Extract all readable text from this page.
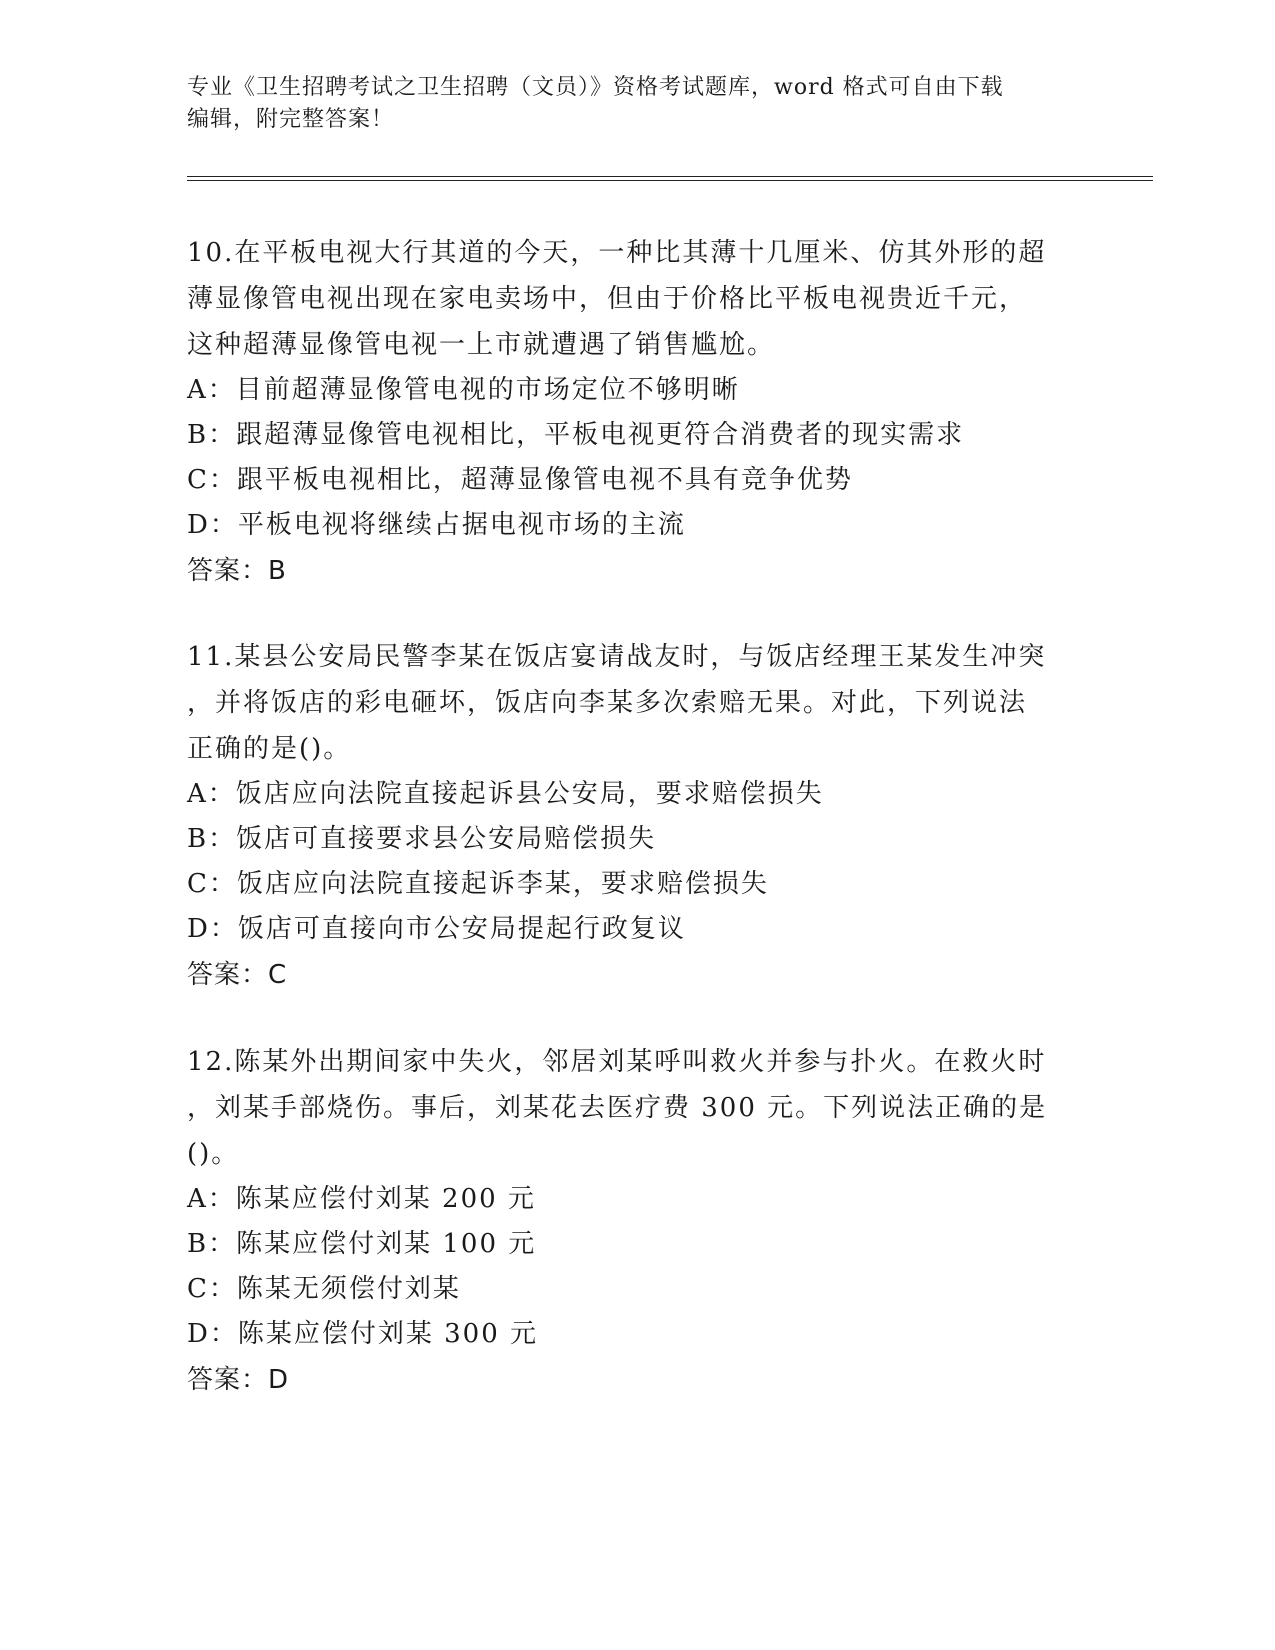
专业《卫生招聘考试之卫生招聘（文员）》资格考试题库，word 格式可自由下载
编辑，附完整答案！
10.在平板电视大行其道的今天，一种比其薄十几厘米、仿其外形的超
薄显像管电视出现在家电卖场中，但由于价格比平板电视贵近千元，
这种超薄显像管电视一上市就遭遇了销售尴尬。
A：目前超薄显像管电视的市场定位不够明晰
B：跟超薄显像管电视相比，平板电视更符合消费者的现实需求
C：跟平板电视相比，超薄显像管电视不具有竞争优势
D：平板电视将继续占据电视市场的主流
答案：B
11.某县公安局民警李某在饭店宴请战友时，与饭店经理王某发生冲突
，并将饭店的彩电砸坏，饭店向李某多次索赔无果。对此，下列说法
正确的是()。
A：饭店应向法院直接起诉县公安局，要求赔偿损失
B：饭店可直接要求县公安局赔偿损失
C：饭店应向法院直接起诉李某，要求赔偿损失
D：饭店可直接向市公安局提起行政复议
答案：C
12.陈某外出期间家中失火，邻居刘某呼叫救火并参与扑火。在救火时
，刘某手部烧伤。事后，刘某花去医疗费 300 元。下列说法正确的是
()。
A：陈某应偿付刘某 200 元
B：陈某应偿付刘某 100 元
C：陈某无须偿付刘某
D：陈某应偿付刘某 300 元
答案：D
